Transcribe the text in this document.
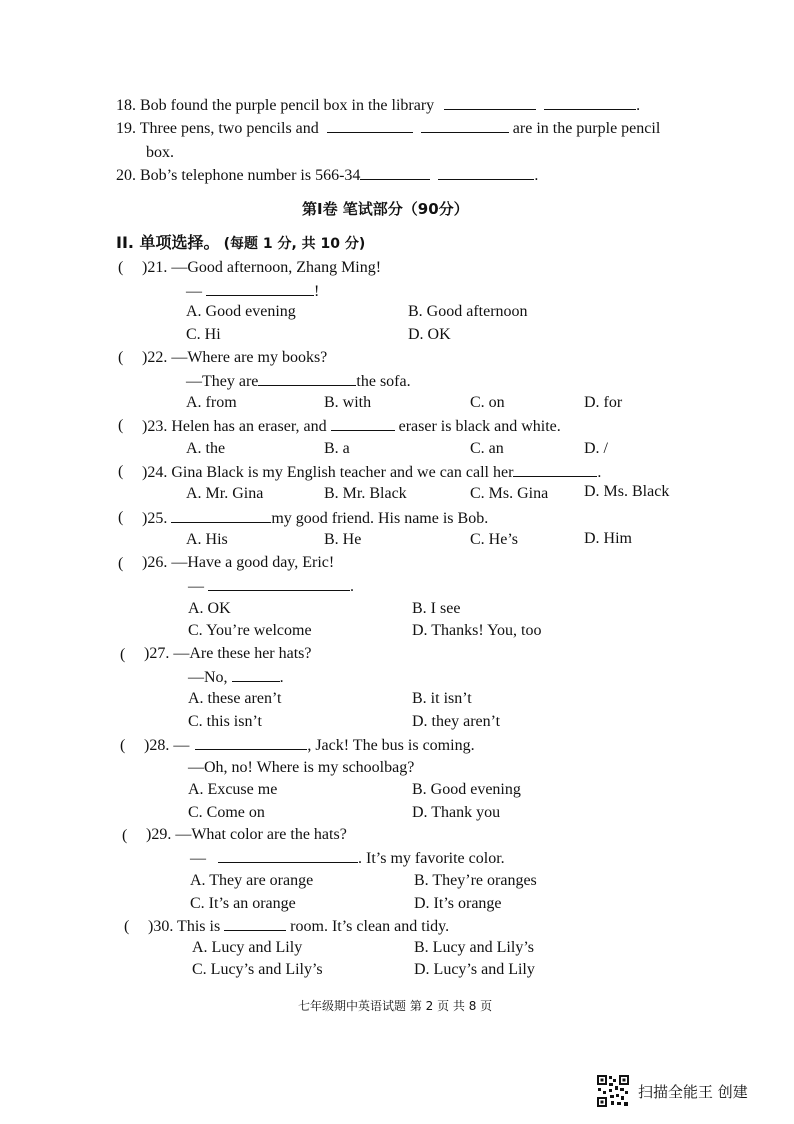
18. Bob found the purple pencil box in the library	.
19. Three pens, two pencils and	are in the purple pencil
box.
20. Bob’s telephone number is 566-34	.
第Ⅰ卷 笔试部分（90分）
II. 单项选择。 (每题 1 分, 共 10 分)
( )21. —Good afternoon, Zhang Ming!
—	!
A. Good evening	B. Good afternoon
C. Hi	D. OK
( )22. —Where are my books?
—They are	the sofa.
A. from	B. with	C. on	D. for
( )23. Helen has an eraser, and	eraser is black and white.
A. the	B. a	C. an	D. /
( )24. Gina Black is my English teacher and we can call her	.
A. Mr. Gina	B. Mr. Black	C. Ms. Gina D. Ms. Black
( )25.	my good friend. His name is Bob.
A. His	B. He	C. He’s	D. Him
( )26. —Have a good day, Eric!
—	.
A. OK	B. I see
C. You’re welcome	D. Thanks! You, too
( )27. —Are these her hats?
—No,	.
A. these aren’t	B. it isn’t
C. this isn’t	D. they aren’t
( )28. —	, Jack! The bus is coming.
—Oh, no! Where is my schoolbag?
A. Excuse me	B. Good evening
C. Come on	D. Thank you
( )29. —What color are the hats?
—	. It’s my favorite color.
A. They are orange	B. They’re oranges
C. It’s an orange	D. It’s orange
( )30. This is	room. It’s clean and tidy.
A. Lucy and Lily	B. Lucy and Lily’s
C. Lucy’s and Lily’s	D. Lucy’s and Lily
七年级期中英语试题 第 2 页 共 8 页
扫描全能王 创建
